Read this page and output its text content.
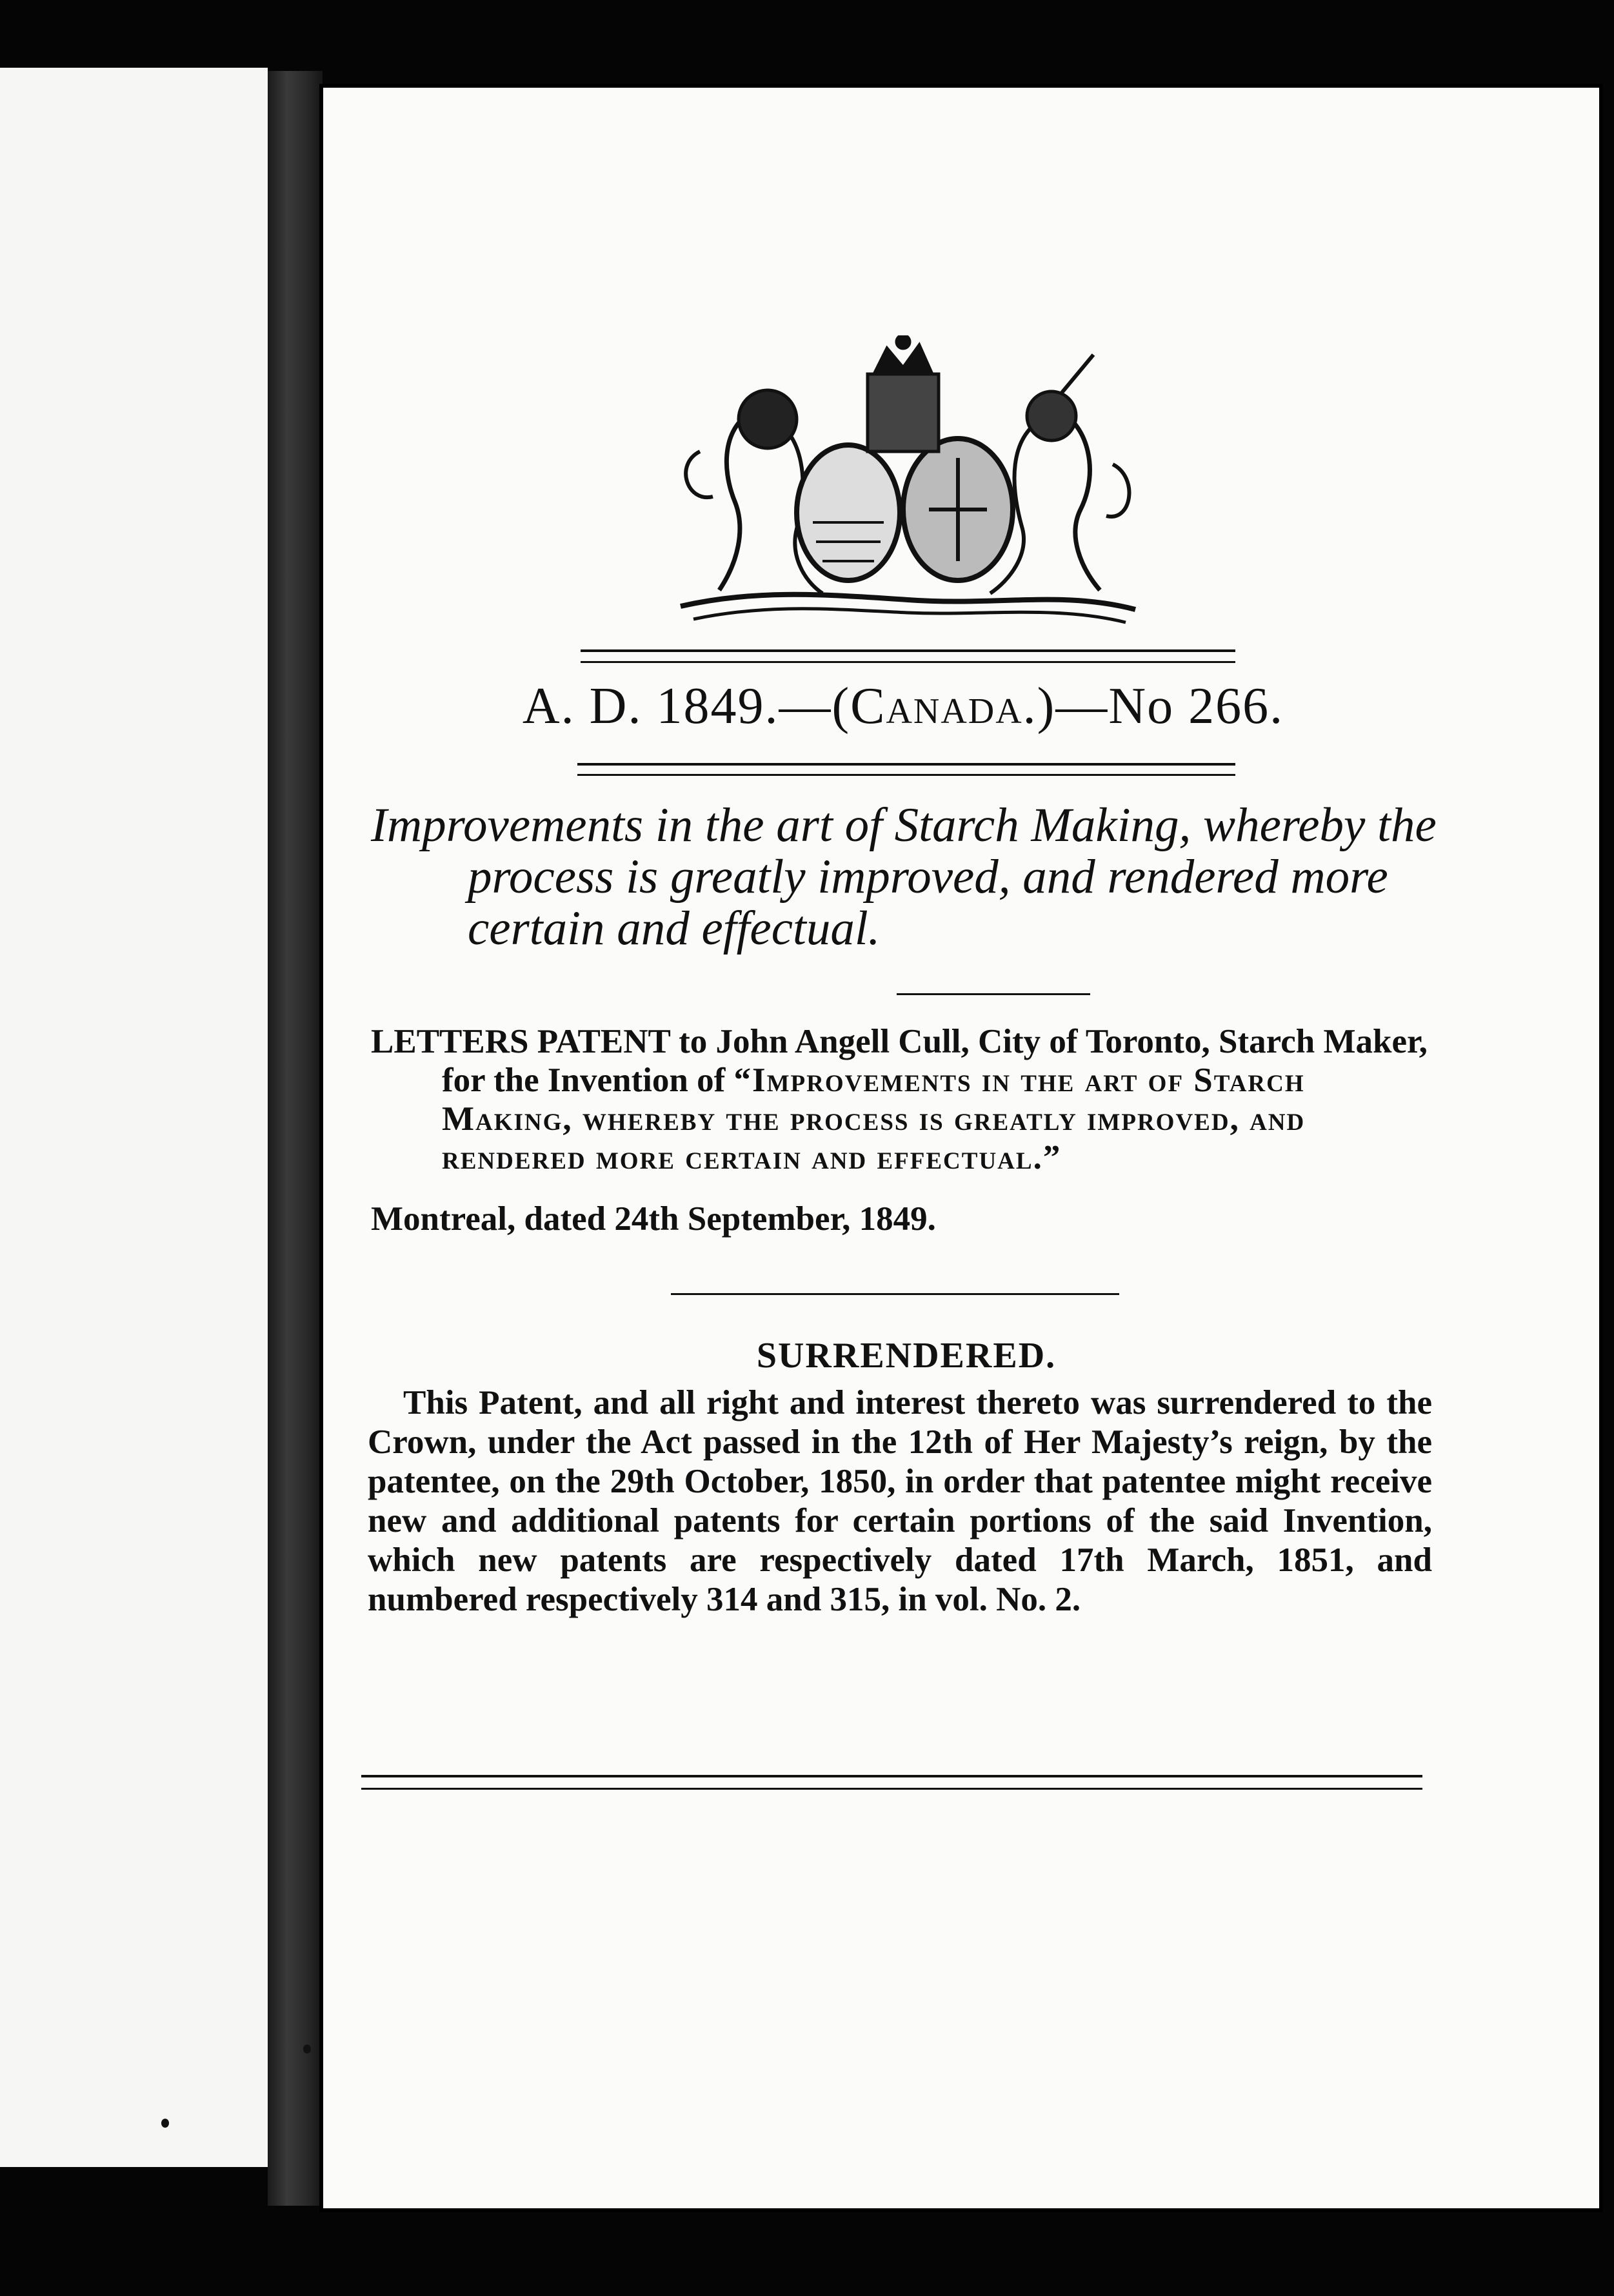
A. D. 1849.—(Canada.)—No 266.
Improvements in the art of Starch Making, whereby the process is greatly improved, and rendered more certain and effectual.
LETTERS PATENT to John Angell Cull, City of Toronto, Starch Maker, for the Invention of “Improvements in the art of Starch Making, whereby the process is greatly improved, and rendered more certain and effectual.”
Montreal, dated 24th September, 1849.
SURRENDERED.
This Patent, and all right and interest thereto was surrendered to the Crown, under the Act passed in the 12th of Her Majesty’s reign, by the patentee, on the 29th October, 1850, in order that patentee might receive new and additional patents for certain portions of the said Invention, which new patents are respectively dated 17th March, 1851, and numbered respectively 314 and 315, in vol. No. 2.
